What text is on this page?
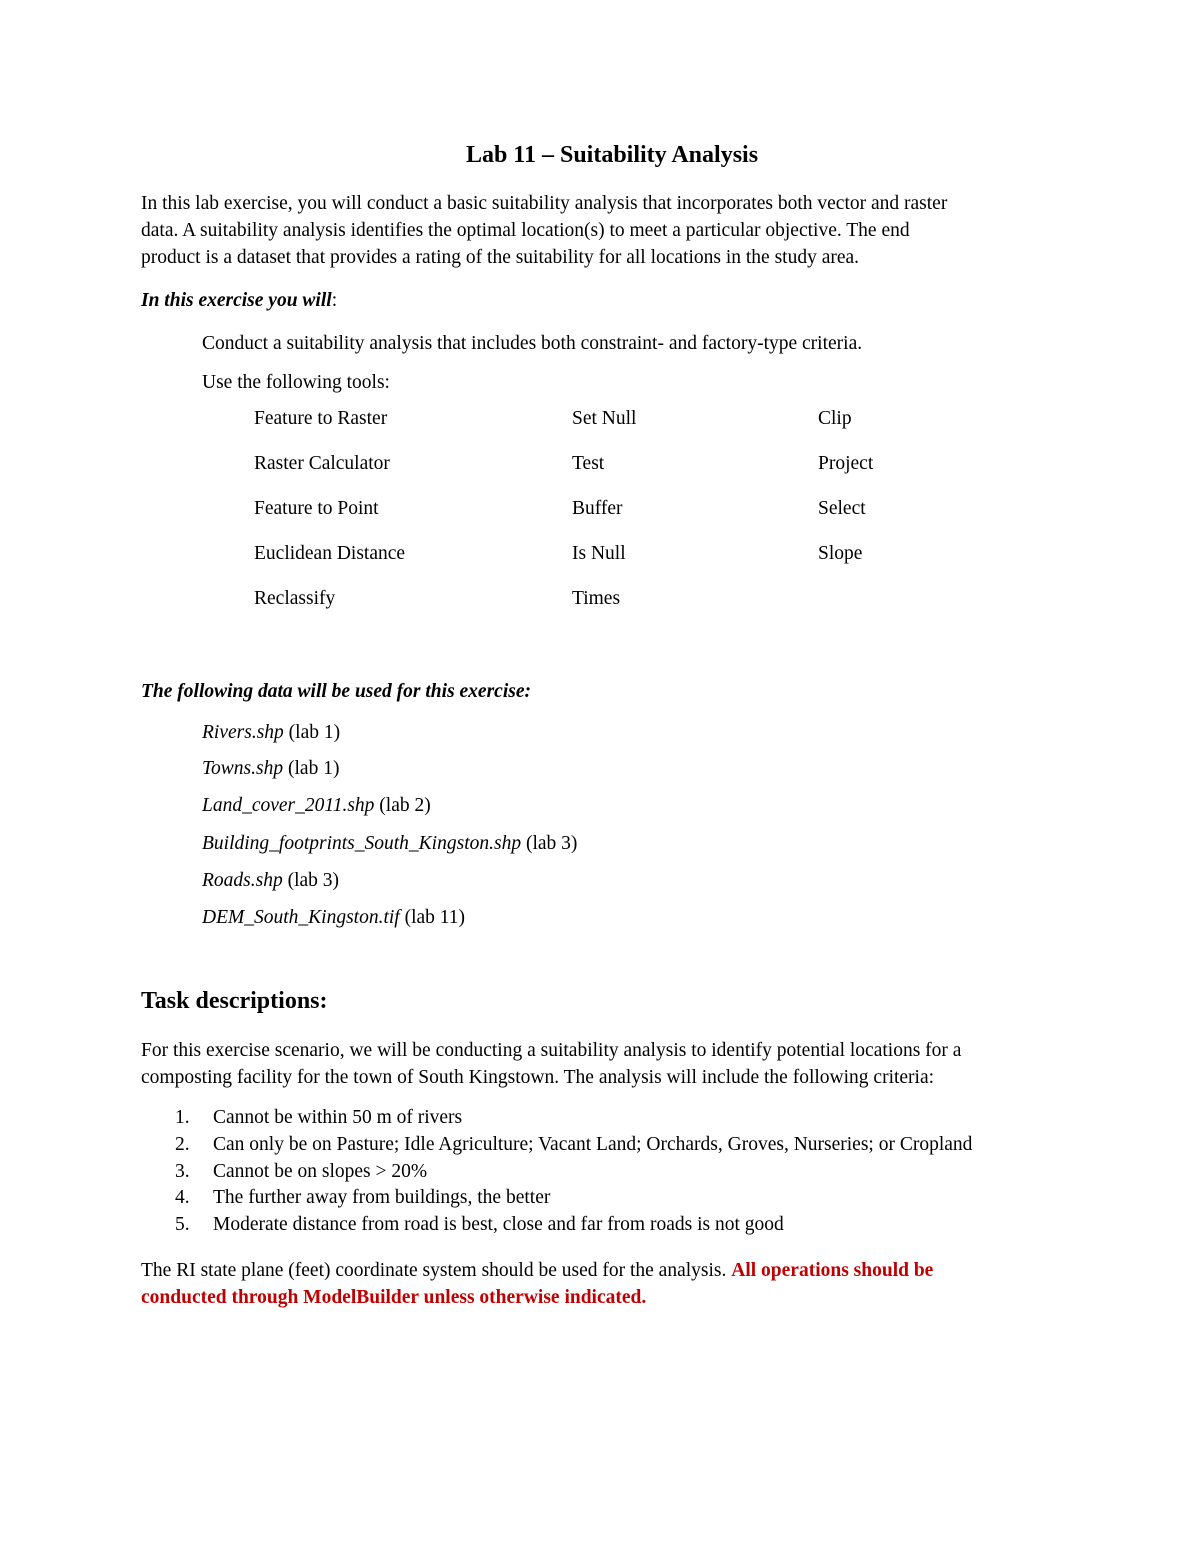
Lab 11 – Suitability Analysis
In this lab exercise, you will conduct a basic suitability analysis that incorporates both vector and raster
data. A suitability analysis identifies the optimal location(s) to meet a particular objective. The end
product is a dataset that provides a rating of the suitability for all locations in the study area.
In this exercise you will:
Conduct a suitability analysis that includes both constraint- and factory-type criteria.
Use the following tools:
Feature to Raster	Set Null	Clip
Raster Calculator	Test	Project
Feature to Point	Buffer	Select
Euclidean Distance	Is Null	Slope
Reclassify	Times
The following data will be used for this exercise:
Rivers.shp (lab 1)
Towns.shp (lab 1)
Land_cover_2011.shp (lab 2)
Building_footprints_South_Kingston.shp (lab 3)
Roads.shp (lab 3)
DEM_South_Kingston.tif (lab 11)
Task descriptions:
For this exercise scenario, we will be conducting a suitability analysis to identify potential locations for a
composting facility for the town of South Kingstown. The analysis will include the following criteria:
1. Cannot be within 50 m of rivers
2. Can only be on Pasture; Idle Agriculture; Vacant Land; Orchards, Groves, Nurseries; or Cropland
3. Cannot be on slopes > 20%
4. The further away from buildings, the better
5. Moderate distance from road is best, close and far from roads is not good
The RI state plane (feet) coordinate system should be used for the analysis. All operations should be
conducted through ModelBuilder unless otherwise indicated.
